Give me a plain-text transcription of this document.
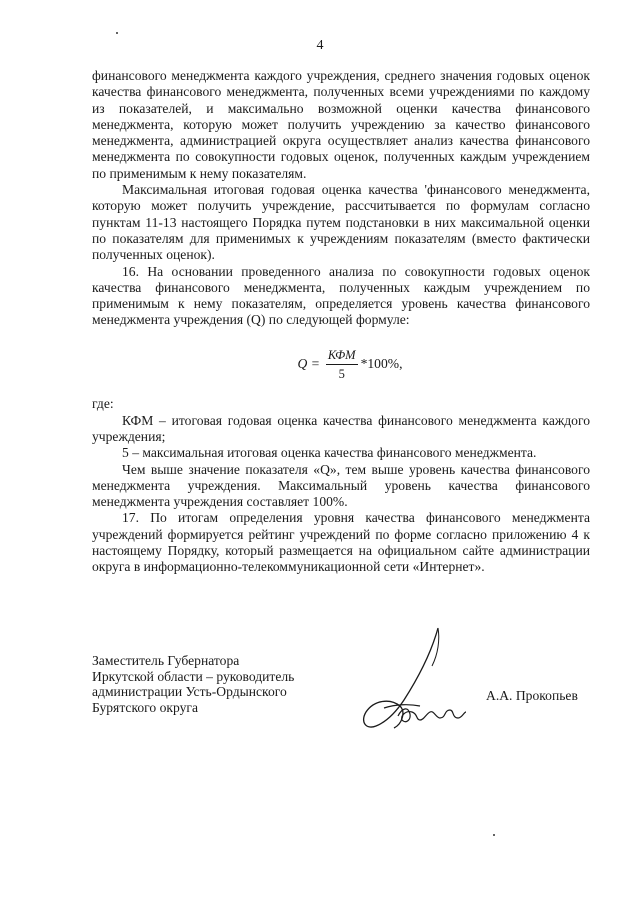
4

финансового менеджмента каждого учреждения, среднего значения годовых оценок качества финансового менеджмента, полученных всеми учреждениями по каждому из показателей, и максимально возможной оценки качества финансового менеджмента, которую может получить учреждению за качество финансового менеджмента, администрацией округа осуществляет анализ качества финансового менеджмента по совокупности годовых оценок, полученных каждым учреждением по применимым к нему показателям.

Максимальная итоговая годовая оценка качества 'финансового менеджмента, которую может получить учреждение, рассчитывается по формулам согласно пунктам 11-13 настоящего Порядка путем подстановки в них максимальной оценки по показателям для применимых к учреждениям показателям (вместо фактически полученных оценок).

16. На основании проведенного анализа по совокупности годовых оценок качества финансового менеджмента, полученных каждым учреждением по применимым к нему показателям, определяется уровень качества финансового менеджмента учреждения (Q) по следующей формуле:

$Q = \frac{\text{КФМ}}{5} *100\%$,

где:

КФМ – итоговая годовая оценка качества финансового менеджмента каждого учреждения;

5 – максимальная итоговая оценка качества финансового менеджмента.

Чем выше значение показателя «Q», тем выше уровень качества финансового менеджмента учреждения. Максимальный уровень качества финансового менеджмента учреждения составляет 100%.

17. По итогам определения уровня качества финансового менеджмента учреждений формируется рейтинг учреждений по форме согласно приложению 4 к настоящему Порядку, который размещается на официальном сайте администрации округа в информационно-телекоммуникационной сети «Интернет».

Заместитель Губернатора
Иркутской области – руководитель
администрации Усть-Ордынского
Бурятского округа
А.А. Прокопьев
